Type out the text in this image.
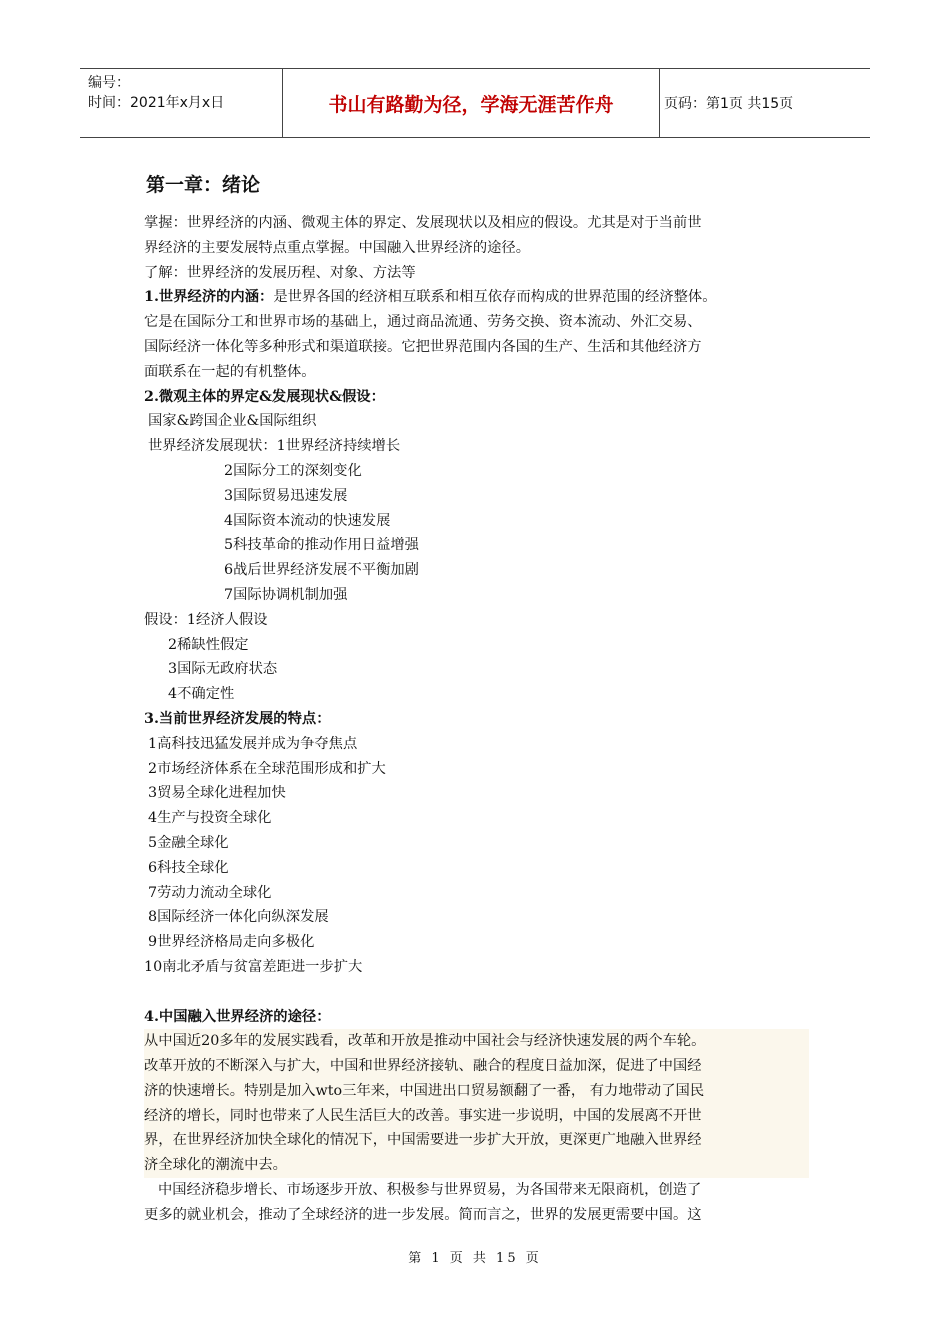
编号：
时间：2021年x月x日	书山有路勤为径，学海无涯苦作舟	页码：第1页 共15页
第一章：绪论
掌握：世界经济的内涵、微观主体的界定、发展现状以及相应的假设。尤其是对于当前世
界经济的主要发展特点重点掌握。中国融入世界经济的途径。
了解：世界经济的发展历程、对象、方法等
1.世界经济的内涵：是世界各国的经济相互联系和相互依存而构成的世界范围的经济整体。
它是在国际分工和世界市场的基础上，通过商品流通、劳务交换、资本流动、外汇交易、
国际经济一体化等多种形式和渠道联接。它把世界范围内各国的生产、生活和其他经济方
面联系在一起的有机整体。
2.微观主体的界定&发展现状&假设：
国家&跨国企业&国际组织
世界经济发展现状：1世界经济持续增长
2国际分工的深刻变化
3国际贸易迅速发展
4国际资本流动的快速发展
5科技革命的推动作用日益增强
6战后世界经济发展不平衡加剧
7国际协调机制加强
假设：1经济人假设
2稀缺性假定
3国际无政府状态
4不确定性
3.当前世界经济发展的特点：
1高科技迅猛发展并成为争夺焦点
2市场经济体系在全球范围形成和扩大
3贸易全球化进程加快
4生产与投资全球化
5金融全球化
6科技全球化
7劳动力流动全球化
8国际经济一体化向纵深发展
9世界经济格局走向多极化
10南北矛盾与贫富差距进一步扩大
4.中国融入世界经济的途径：
从中国近20多年的发展实践看，改革和开放是推动中国社会与经济快速发展的两个车轮。
改革开放的不断深入与扩大，中国和世界经济接轨、融合的程度日益加深，促进了中国经
济的快速增长。特别是加入wto三年来，中国进出口贸易额翻了一番， 有力地带动了国民
经济的增长，同时也带来了人民生活巨大的改善。事实进一步说明，中国的发展离不开世
界，在世界经济加快全球化的情况下，中国需要进一步扩大开放，更深更广地融入世界经
济全球化的潮流中去。
中国经济稳步增长、市场逐步开放、积极参与世界贸易，为各国带来无限商机，创造了
更多的就业机会，推动了全球经济的进一步发展。简而言之，世界的发展更需要中国。这
第 1 页 共 15 页
